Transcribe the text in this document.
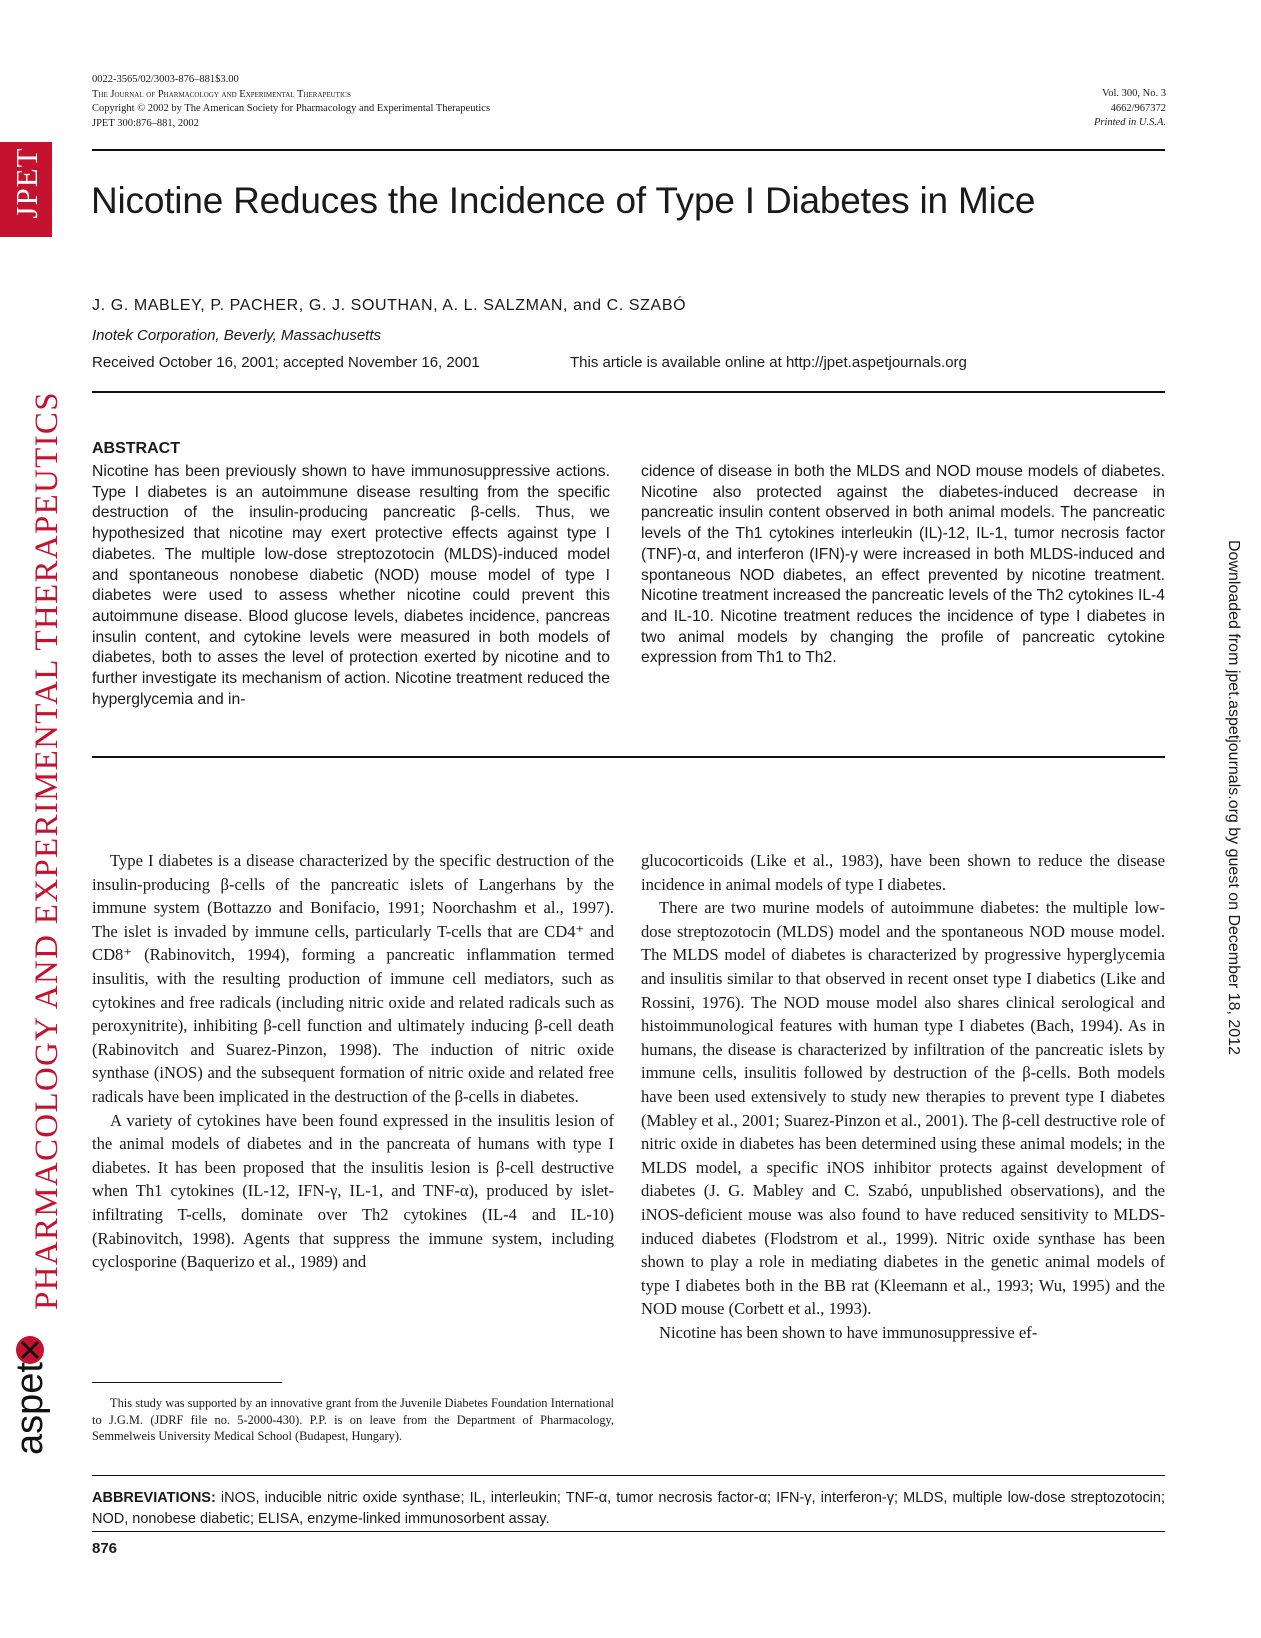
0022-3565/02/3003-876–881$3.00
The Journal of Pharmacology and Experimental Therapeutics
Copyright © 2002 by The American Society for Pharmacology and Experimental Therapeutics
JPET 300:876–881, 2002
Vol. 300, No. 3
4662/967372
Printed in U.S.A.
Nicotine Reduces the Incidence of Type I Diabetes in Mice
J. G. MABLEY, P. PACHER, G. J. SOUTHAN, A. L. SALZMAN, and C. SZABÓ
Inotek Corporation, Beverly, Massachusetts
Received October 16, 2001; accepted November 16, 2001	This article is available online at http://jpet.aspetjournals.org
ABSTRACT
Nicotine has been previously shown to have immunosuppressive actions. Type I diabetes is an autoimmune disease resulting from the specific destruction of the insulin-producing pancreatic β-cells. Thus, we hypothesized that nicotine may exert protective effects against type I diabetes. The multiple low-dose streptozotocin (MLDS)-induced model and spontaneous nonobese diabetic (NOD) mouse model of type I diabetes were used to assess whether nicotine could prevent this autoimmune disease. Blood glucose levels, diabetes incidence, pancreas insulin content, and cytokine levels were measured in both models of diabetes, both to asses the level of protection exerted by nicotine and to further investigate its mechanism of action. Nicotine treatment reduced the hyperglycemia and in-
cidence of disease in both the MLDS and NOD mouse models of diabetes. Nicotine also protected against the diabetes-induced decrease in pancreatic insulin content observed in both animal models. The pancreatic levels of the Th1 cytokines interleukin (IL)-12, IL-1, tumor necrosis factor (TNF)-α, and interferon (IFN)-γ were increased in both MLDS-induced and spontaneous NOD diabetes, an effect prevented by nicotine treatment. Nicotine treatment increased the pancreatic levels of the Th2 cytokines IL-4 and IL-10. Nicotine treatment reduces the incidence of type I diabetes in two animal models by changing the profile of pancreatic cytokine expression from Th1 to Th2.

Type I diabetes is a disease characterized by the specific destruction of the insulin-producing β-cells of the pancreatic islets of Langerhans by the immune system (Bottazzo and Bonifacio, 1991; Noorchashm et al., 1997). The islet is invaded by immune cells, particularly T-cells that are CD4⁺ and CD8⁺ (Rabinovitch, 1994), forming a pancreatic inflammation termed insulitis, with the resulting production of immune cell mediators, such as cytokines and free radicals (including nitric oxide and related radicals such as peroxynitrite), inhibiting β-cell function and ultimately inducing β-cell death (Rabinovitch and Suarez-Pinzon, 1998). The induction of nitric oxide synthase (iNOS) and the subsequent formation of nitric oxide and related free radicals have been implicated in the destruction of the β-cells in diabetes.

A variety of cytokines have been found expressed in the insulitis lesion of the animal models of diabetes and in the pancreata of humans with type I diabetes. It has been proposed that the insulitis lesion is β-cell destructive when Th1 cytokines (IL-12, IFN-γ, IL-1, and TNF-α), produced by islet-infiltrating T-cells, dominate over Th2 cytokines (IL-4 and IL-10) (Rabinovitch, 1998). Agents that suppress the immune system, including cyclosporine (Baquerizo et al., 1989) and

glucocorticoids (Like et al., 1983), have been shown to reduce the disease incidence in animal models of type I diabetes.

There are two murine models of autoimmune diabetes: the multiple low-dose streptozotocin (MLDS) model and the spontaneous NOD mouse model. The MLDS model of diabetes is characterized by progressive hyperglycemia and insulitis similar to that observed in recent onset type I diabetics (Like and Rossini, 1976). The NOD mouse model also shares clinical serological and histoimmunological features with human type I diabetes (Bach, 1994). As in humans, the disease is characterized by infiltration of the pancreatic islets by immune cells, insulitis followed by destruction of the β-cells. Both models have been used extensively to study new therapies to prevent type I diabetes (Mabley et al., 2001; Suarez-Pinzon et al., 2001). The β-cell destructive role of nitric oxide in diabetes has been determined using these animal models; in the MLDS model, a specific iNOS inhibitor protects against development of diabetes (J. G. Mabley and C. Szabó, unpublished observations), and the iNOS-deficient mouse was also found to have reduced sensitivity to MLDS-induced diabetes (Flodstrom et al., 1999). Nitric oxide synthase has been shown to play a role in mediating diabetes in the genetic animal models of type I diabetes both in the BB rat (Kleemann et al., 1993; Wu, 1995) and the NOD mouse (Corbett et al., 1993).

Nicotine has been shown to have immunosuppressive ef-

This study was supported by an innovative grant from the Juvenile Diabetes Foundation International to J.G.M. (JDRF file no. 5-2000-430). P.P. is on leave from the Department of Pharmacology, Semmelweis University Medical School (Budapest, Hungary).

ABBREVIATIONS: iNOS, inducible nitric oxide synthase; IL, interleukin; TNF-α, tumor necrosis factor-α; IFN-γ, interferon-γ; MLDS, multiple low-dose streptozotocin; NOD, nonobese diabetic; ELISA, enzyme-linked immunosorbent assay.
876
JPET
PHARMACOLOGY AND EXPERIMENTAL THERAPEUTICS
aspet
Downloaded from jpet.aspetjournals.org by guest on December 18, 2012
